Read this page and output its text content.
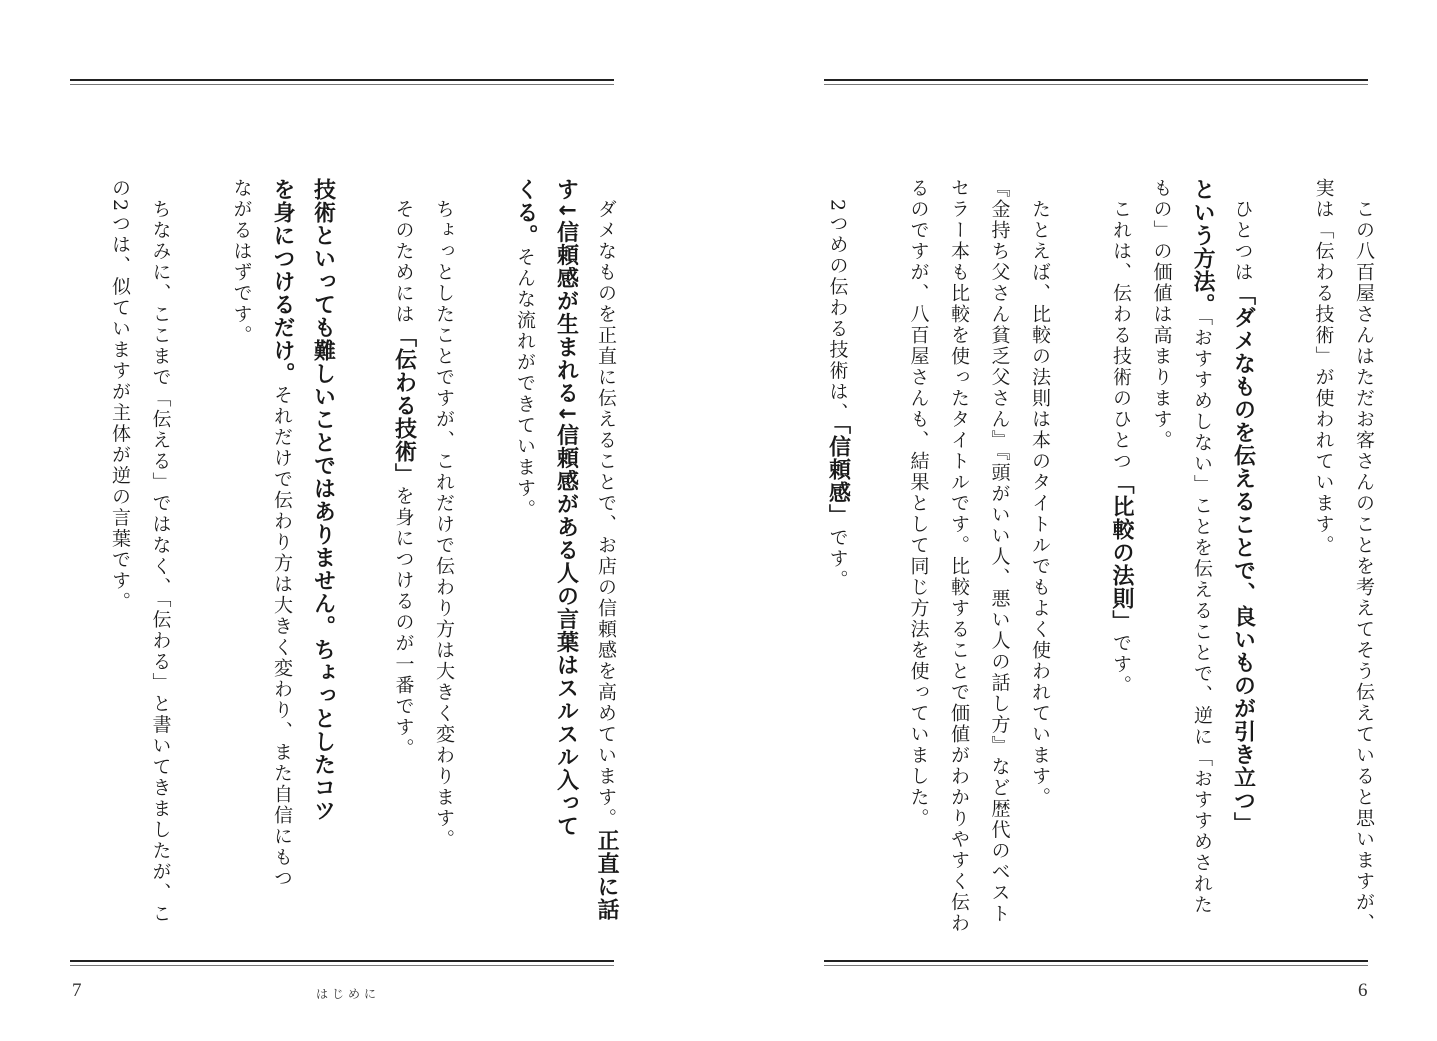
　ダメなものを正直に伝えることで、お店の信頼感を高めています。正直に話
す↓信頼感が生まれる↓信頼感がある人の言葉はスルスル入って
くる。そんな流れができています。

　ちょっとしたことですが、これだけで伝わり方は大きく変わります。
　そのためには「伝わる技術」を身につけるのが一番です。

技術といっても難しいことではありません。ちょっとしたコツ
を身につけるだけ。それだけで伝わり方は大きく変わり、また自信にもつ
ながるはずです。

　ちなみに、ここまで「伝える」ではなく、「伝わる」と書いてきましたが、こ
の2つは、似ていますが主体が逆の言葉です。
7	はじめに
　この八百屋さんはただお客さんのことを考えてそう伝えていると思いますが、
実は「伝わる技術」が使われています。

　ひとつは「ダメなものを伝えることで、良いものが引き立つ」
という方法。「おすすめしない」ことを伝えることで、逆に「おすすめされた
もの」の価値は高まります。
　これは、伝わる技術のひとつ「比較の法則」です。

　たとえば、比較の法則は本のタイトルでもよく使われています。
『金持ち父さん貧乏父さん』『頭がいい人、悪い人の話し方』など歴代のベスト
セラー本も比較を使ったタイトルです。比較することで価値がわかりやすく伝わ
るのですが、八百屋さんも、結果として同じ方法を使っていました。

　2つめの伝わる技術は、「信頼感」です。
6
